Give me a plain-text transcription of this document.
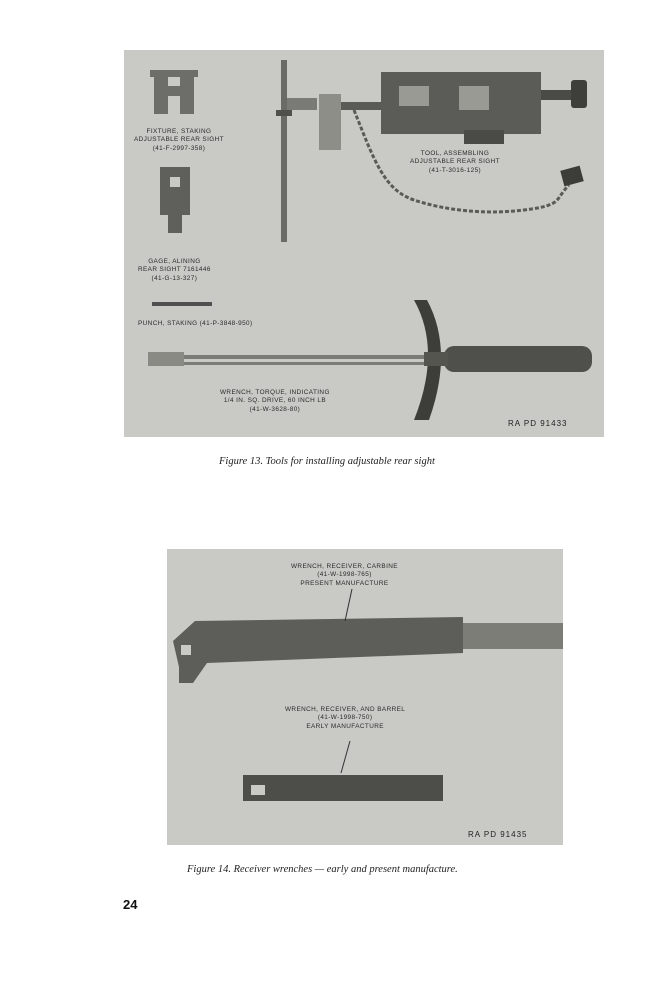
FIXTURE, STAKING
ADJUSTABLE REAR SIGHT
(41-F-2997-358)
TOOL, ASSEMBLING
ADJUSTABLE REAR SIGHT
(41-T-3016-125)
GAGE, ALINING
REAR SIGHT 7161446
(41-G-13-327)
PUNCH, STAKING (41-P-3848-950)
WRENCH, TORQUE, INDICATING
1/4 IN. SQ. DRIVE, 60 INCH LB
(41-W-3628-80)
RA PD 91433
Figure 13. Tools for installing adjustable rear sight
WRENCH, RECEIVER, CARBINE
(41-W-1998-765)
PRESENT MANUFACTURE
WRENCH, RECEIVER, AND BARREL
(41-W-1998-750)
EARLY MANUFACTURE
RA PD 91435
Figure 14. Receiver wrenches — early and present manufacture.
24
